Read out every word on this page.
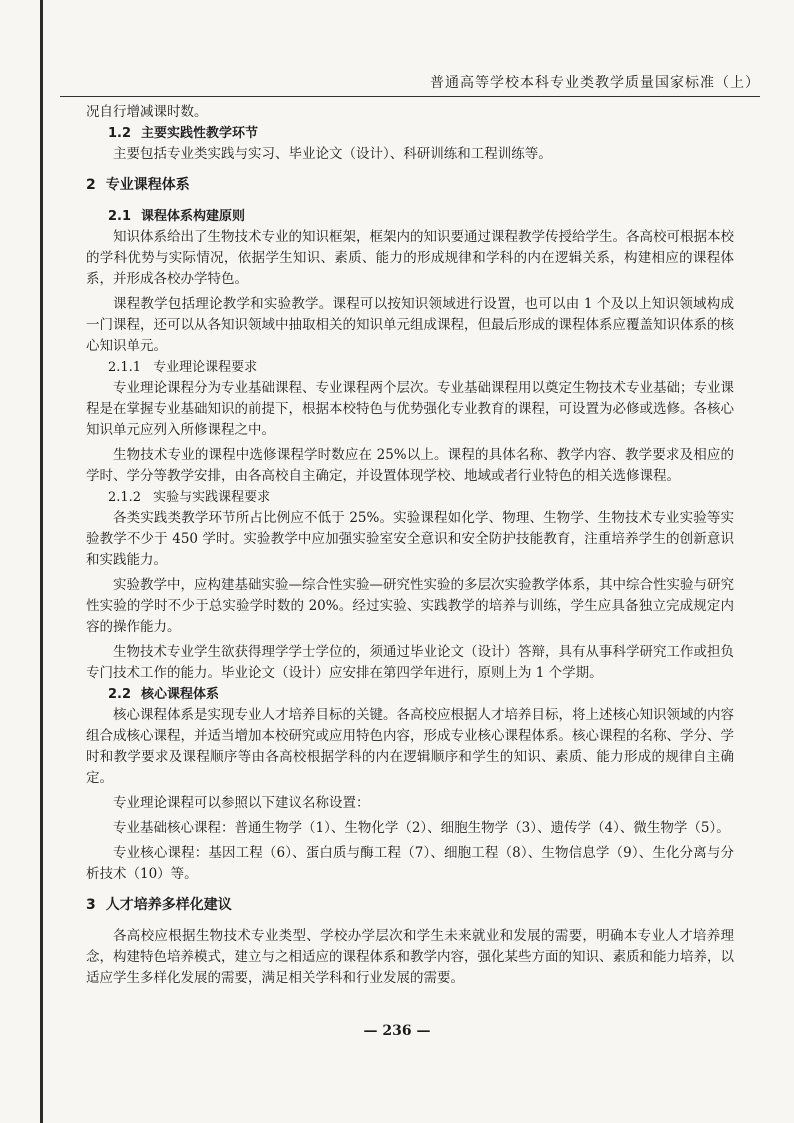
普通高等学校本科专业类教学质量国家标准（上）

况自行增减课时数。

1.2 主要实践性教学环节

主要包括专业类实践与实习、毕业论文（设计）、科研训练和工程训练等。

2 专业课程体系

2.1 课程体系构建原则

知识体系给出了生物技术专业的知识框架，框架内的知识要通过课程教学传授给学生。各高校可根据本校的学科优势与实际情况，依据学生知识、素质、能力的形成规律和学科的内在逻辑关系，构建相应的课程体系，并形成各校办学特色。

课程教学包括理论教学和实验教学。课程可以按知识领域进行设置，也可以由 1 个及以上知识领域构成一门课程，还可以从各知识领域中抽取相关的知识单元组成课程，但最后形成的课程体系应覆盖知识体系的核心知识单元。

2.1.1 专业理论课程要求

专业理论课程分为专业基础课程、专业课程两个层次。专业基础课程用以奠定生物技术专业基础；专业课程是在掌握专业基础知识的前提下，根据本校特色与优势强化专业教育的课程，可设置为必修或选修。各核心知识单元应列入所修课程之中。

生物技术专业的课程中选修课程学时数应在 25%以上。课程的具体名称、教学内容、教学要求及相应的学时、学分等教学安排，由各高校自主确定，并设置体现学校、地域或者行业特色的相关选修课程。

2.1.2 实验与实践课程要求

各类实践类教学环节所占比例应不低于 25%。实验课程如化学、物理、生物学、生物技术专业实验等实验教学不少于 450 学时。实验教学中应加强实验室安全意识和安全防护技能教育，注重培养学生的创新意识和实践能力。

实验教学中，应构建基础实验—综合性实验—研究性实验的多层次实验教学体系，其中综合性实验与研究性实验的学时不少于总实验学时数的 20%。经过实验、实践教学的培养与训练，学生应具备独立完成规定内容的操作能力。

生物技术专业学生欲获得理学学士学位的，须通过毕业论文（设计）答辩，具有从事科学研究工作或担负专门技术工作的能力。毕业论文（设计）应安排在第四学年进行，原则上为 1 个学期。

2.2 核心课程体系

核心课程体系是实现专业人才培养目标的关键。各高校应根据人才培养目标，将上述核心知识领域的内容组合成核心课程，并适当增加本校研究或应用特色内容，形成专业核心课程体系。核心课程的名称、学分、学时和教学要求及课程顺序等由各高校根据学科的内在逻辑顺序和学生的知识、素质、能力形成的规律自主确定。

专业理论课程可以参照以下建议名称设置：

专业基础核心课程：普通生物学（1）、生物化学（2）、细胞生物学（3）、遗传学（4）、微生物学（5）。

专业核心课程：基因工程（6）、蛋白质与酶工程（7）、细胞工程（8）、生物信息学（9）、生化分离与分析技术（10）等。

3 人才培养多样化建议

各高校应根据生物技术专业类型、学校办学层次和学生未来就业和发展的需要，明确本专业人才培养理念，构建特色培养模式，建立与之相适应的课程体系和教学内容，强化某些方面的知识、素质和能力培养，以适应学生多样化发展的需要，满足相关学科和行业发展的需要。

— 236 —
